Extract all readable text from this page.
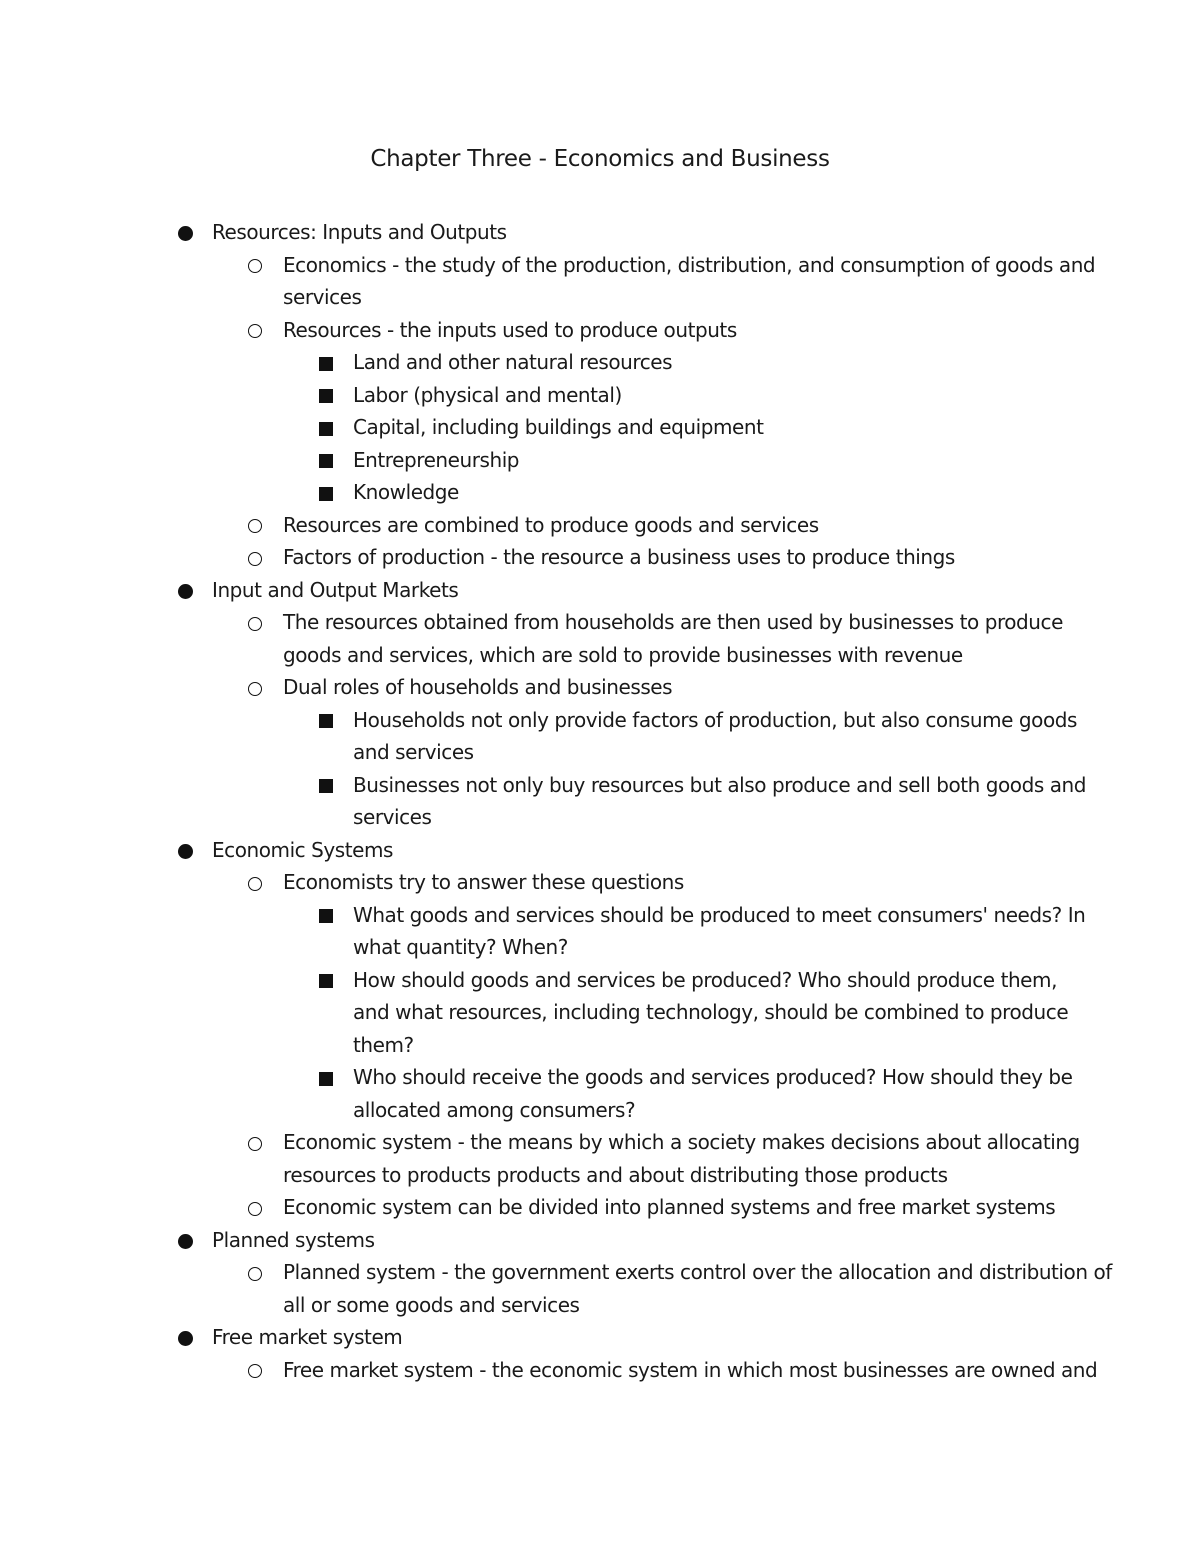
Chapter Three - Economics and Business
Resources: Inputs and Outputs
Economics - the study of the production, distribution, and consumption of goods and
services
Resources - the inputs used to produce outputs
Land and other natural resources
Labor (physical and mental)
Capital, including buildings and equipment
Entrepreneurship
Knowledge
Resources are combined to produce goods and services
Factors of production - the resource a business uses to produce things
Input and Output Markets
The resources obtained from households are then used by businesses to produce
goods and services, which are sold to provide businesses with revenue
Dual roles of households and businesses
Households not only provide factors of production, but also consume goods
and services
Businesses not only buy resources but also produce and sell both goods and
services
Economic Systems
Economists try to answer these questions
What goods and services should be produced to meet consumers' needs? In
what quantity? When?
How should goods and services be produced? Who should produce them,
and what resources, including technology, should be combined to produce
them?
Who should receive the goods and services produced? How should they be
allocated among consumers?
Economic system - the means by which a society makes decisions about allocating
resources to products products and about distributing those products
Economic system can be divided into planned systems and free market systems
Planned systems
Planned system - the government exerts control over the allocation and distribution of
all or some goods and services
Free market system
Free market system - the economic system in which most businesses are owned and
